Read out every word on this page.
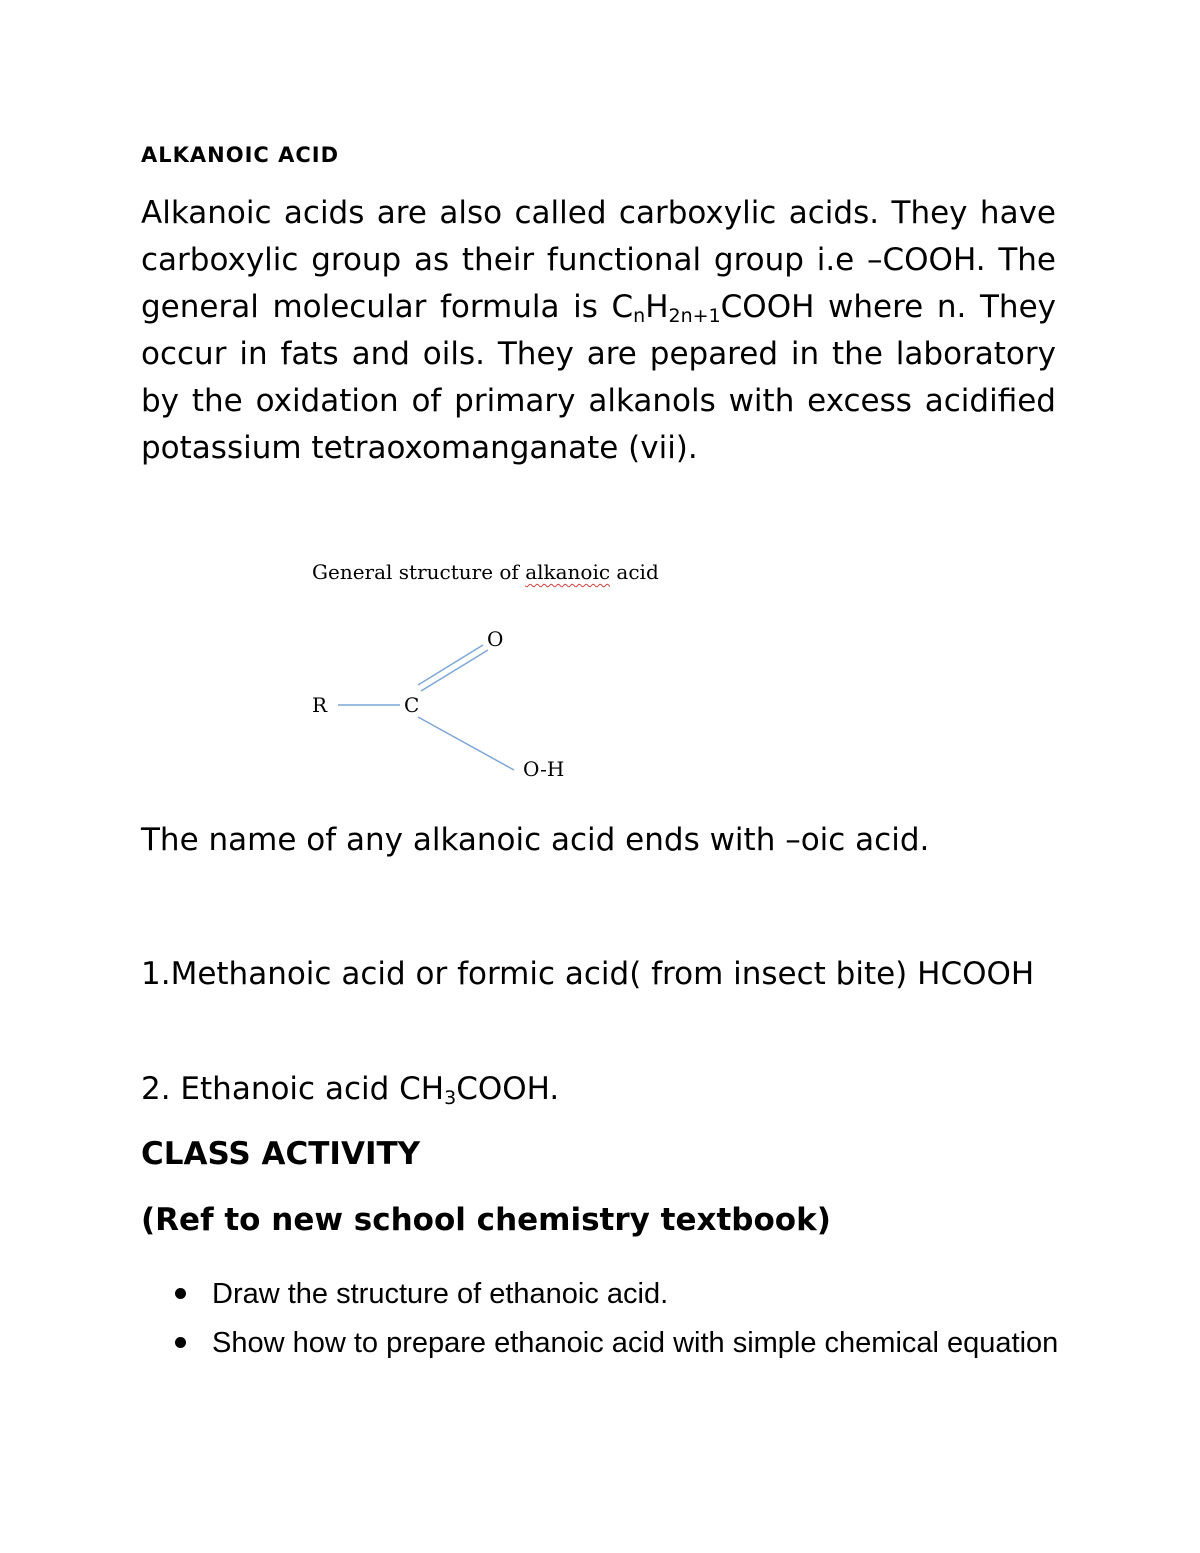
ALKANOIC ACID

Alkanoic acids are also called carboxylic acids. They have carboxylic group as their functional group i.e –COOH. The general molecular formula is $C_nH_{2n+1}COOH$ where n. They occur in fats and oils. They are pepared in the laboratory by the oxidation of primary alkanols with excess acidified potassium tetraoxomanganate (vii).

General structure of alkanoic acid
R	C
O
O-H

The name of any alkanoic acid ends with –oic acid.

1.Methanoic acid or formic acid( from insect bite) HCOOH

2. Ethanoic acid $CH_3COOH$.

CLASS ACTIVITY

(Ref to new school chemistry textbook)

Draw the structure of ethanoic acid.
Show how to prepare ethanoic acid with simple chemical equation
